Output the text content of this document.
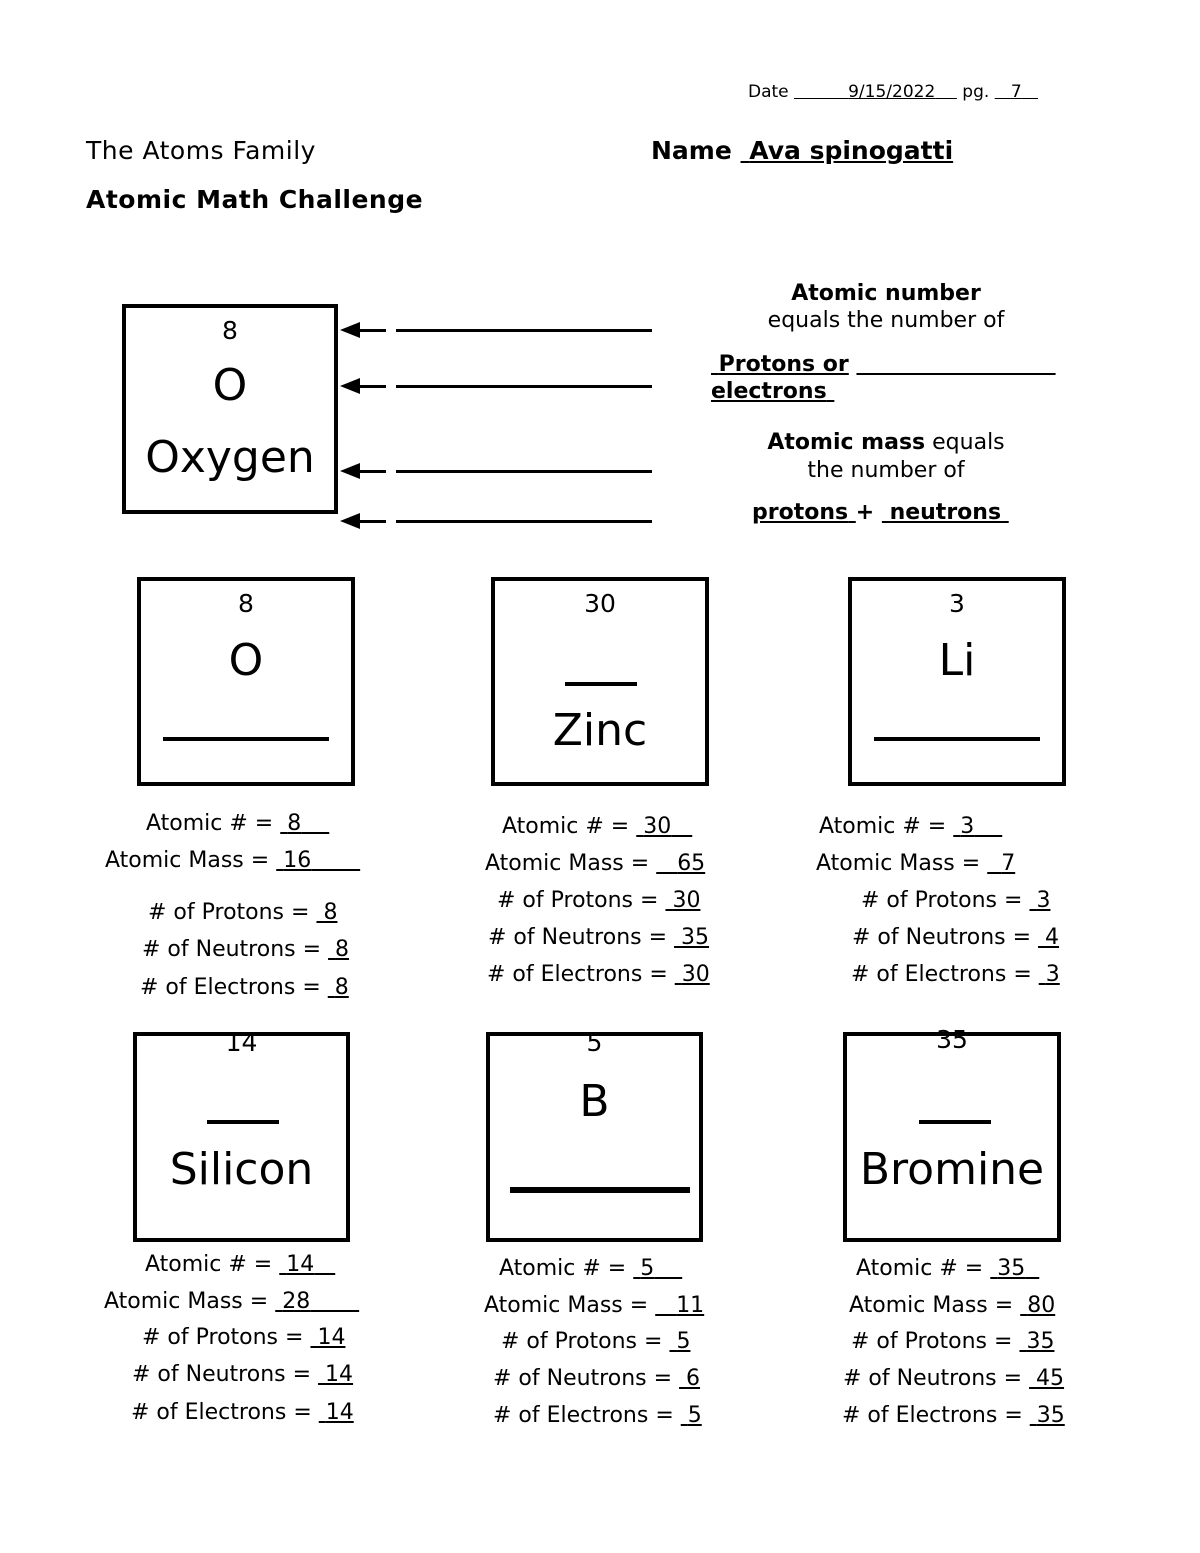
Date	9/15/2022 pg. 7
The Atoms Family
Atomic Math Challenge
Name Ava spinogatti
8
O
Oxygen
Atomic number
equals the number of
Protons or
electrons
Atomic mass equals
the number of
protons + neutrons
8
O
30
Zinc
3
Li
14
Silicon
5
B
35
Bromine

Atomic # = 8

Atomic Mass = 16

# of Protons = 8

# of Neutrons = 8

# of Electrons = 8

Atomic # = 30

Atomic Mass = 65

# of Protons = 30

# of Neutrons = 35

# of Electrons = 30

Atomic # = 3

Atomic Mass = 7

# of Protons = 3

# of Neutrons = 4

# of Electrons = 3

Atomic # = 14

Atomic Mass = 28

# of Protons = 14

# of Neutrons = 14

# of Electrons = 14

Atomic # = 5

Atomic Mass = 11

# of Protons = 5

# of Neutrons = 6

# of Electrons = 5

Atomic # = 35

Atomic Mass = 80

# of Protons = 35

# of Neutrons = 45

# of Electrons = 35
